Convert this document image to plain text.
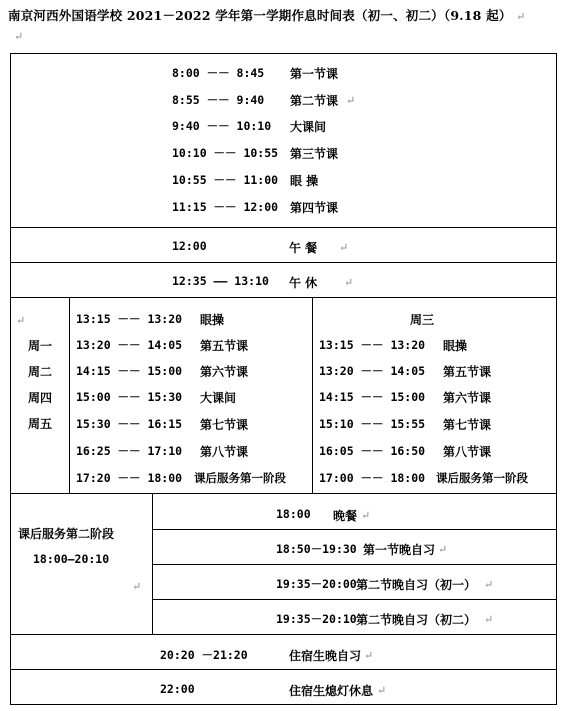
南京河西外国语学校 2021－2022 学年第一学期作息时间表（初一、初二）（9.18 起） ↵
↵
8:00 －－ 8:45 第一节课
8:55 －－ 9:40 第二节课 ↵
9:40 －－ 10:10 大课间
10:10 －－ 10:55 第三节课
10:55 －－ 11:00 眼 操
11:15 －－ 12:00 第四节课
12:00	午 餐 ↵
12:35 —— 13:10 午 休 ↵
↵
周一
周二
周四
周五
13:15 －－ 13:20 眼操
13:20 －－ 14:05 第五节课
14:15 －－ 15:00 第六节课
15:00 －－ 15:30 大课间
15:30 －－ 16:15 第七节课
16:25 －－ 17:10 第八节课
17:20 －－ 18:00 课后服务第一阶段
周三
13:15 －－ 13:20 眼操
13:20 －－ 14:05 第五节课
14:15 －－ 15:00 第六节课
15:10 －－ 15:55 第七节课
16:05 －－ 16:50 第八节课
17:00 －－ 18:00 课后服务第一阶段
课后服务第二阶段
18:00—20:10
↵
18:00 晚餐 ↵
18:50－19:30 第一节晚自习 ↵
19:35－20:00 第二节晚自习（初一） ↵
19:35－20:10 第二节晚自习（初二） ↵
20:20 －21:20	住宿生晚自习 ↵
22:00	住宿生熄灯休息 ↵
